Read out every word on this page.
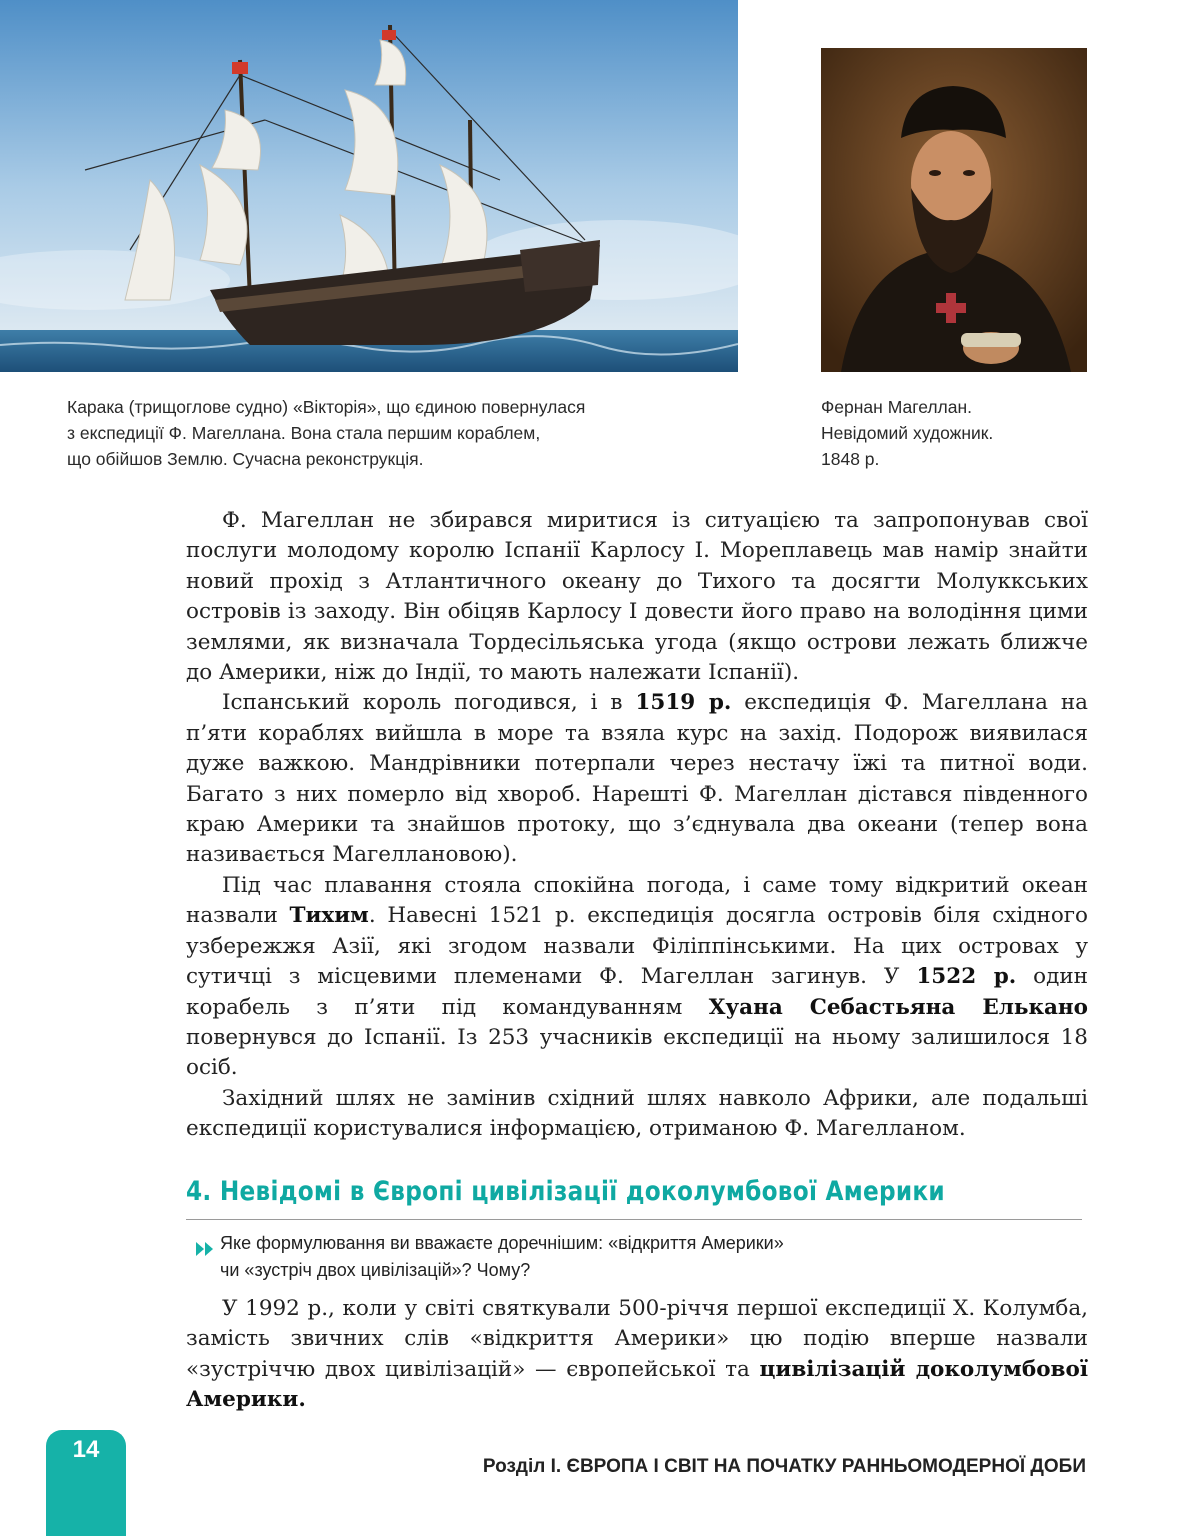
Каракa (трищоглове судно) «Вікторія», що єдиною повернулася
з експедиції Ф. Магеллана. Вона стала першим кораблем,
що обійшов Землю. Сучасна реконструкція.
Фернан Магеллан.
Невідомий художник.
1848 р.

Ф. Магеллан не збирався миритися із ситуацією та запропонував свої послуги молодому королю Іспанії Карлосу І. Мореплавець мав намір знайти новий прохід з Атлантичного океану до Тихого та досягти Молуккських островів із заходу. Він обіцяв Карлосу І довести його право на володіння цими землями, як визначала Тордесільяська угода (якщо острови лежать ближче до Америки, ніж до Індії, то мають належати Іспанії).

Іспанський король погодився, і в 1519 р. експедиція Ф. Магеллана на п’яти кораблях вийшла в море та взяла курс на захід. Подорож виявилася дуже важкою. Мандрівники потерпали через нестачу їжі та питної води. Багато з них померло від хвороб. Нарешті Ф. Магеллан дістався південного краю Америки та знайшов протоку, що з’єднувала два океани (тепер вона називається Магеллановою).

Під час плавання стояла спокійна погода, і саме тому відкритий океан назвали Тихим. Навесні 1521 р. експедиція досягла островів біля східного узбережжя Азії, які згодом назвали Філіппінськими. На цих островах у сутичці з місцевими племенами Ф. Магеллан загинув. У 1522 р. один корабель з п’яти під командуванням Хуана Себастьяна Елькано повернувся до Іспанії. Із 253 учасників експедиції на ньому залишилося 18 осіб.

Західний шлях не замінив східний шлях навколо Африки, але подальші експедиції користувалися інформацією, отриманою Ф. Магелланом.

4. Невідомі в Європі цивілізації доколумбової Америки
Яке формулювання ви вважаєте доречнішим: «відкриття Америки»
чи «зустріч двох цивілізацій»? Чому?

У 1992 р., коли у світі святкували 500-річчя першої експедиції Х. Колумба, замість звичних слів «відкриття Америки» цю подію вперше назвали «зустріччю двох цивілізацій» — європейської та цивілізацій доколумбової Америки.

14
Розділ І. ЄВРОПА І СВІТ НА ПОЧАТКУ РАННЬОМОДЕРНОЇ ДОБИ
